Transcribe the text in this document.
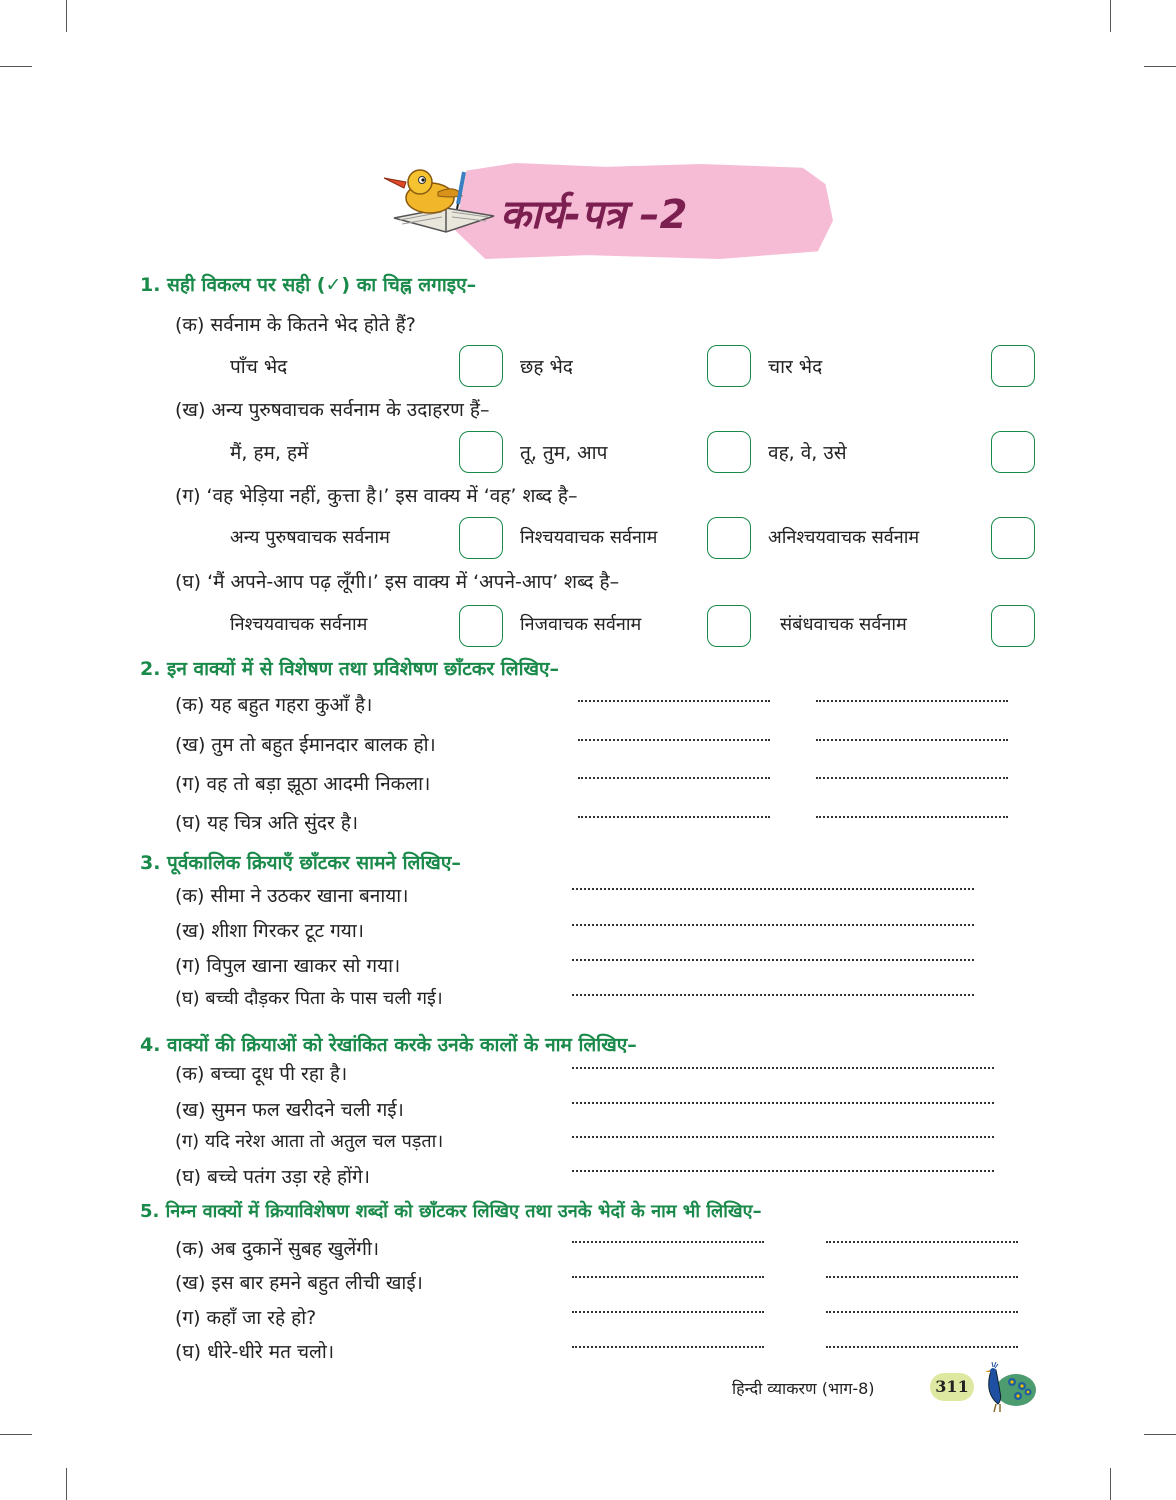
कार्य-पत्र –2
1. सही विकल्प पर सही (✓) का चिह्न लगाइए–
(क) सर्वनाम के कितने भेद होते हैं?
पाँच भेद	छह भेद	चार भेद
(ख) अन्य पुरुषवाचक सर्वनाम के उदाहरण हैं–
मैं, हम, हमें	तू, तुम, आप	वह, वे, उसे
(ग) ‘वह भेड़िया नहीं, कुत्ता है।’ इस वाक्य में ‘वह’ शब्द है–
अन्य पुरुषवाचक सर्वनाम	निश्चयवाचक सर्वनाम	अनिश्चयवाचक सर्वनाम
(घ) ‘मैं अपने-आप पढ़ लूँगी।’ इस वाक्य में ‘अपने-आप’ शब्द है–
निश्चयवाचक सर्वनाम	निजवाचक सर्वनाम	संबंधवाचक सर्वनाम
2. इन वाक्यों में से विशेषण तथा प्रविशेषण छाँटकर लिखिए–
(क) यह बहुत गहरा कुआँ है।
(ख) तुम तो बहुत ईमानदार बालक हो।
(ग) वह तो बड़ा झूठा आदमी निकला।
(घ) यह चित्र अति सुंदर है।
3. पूर्वकालिक क्रियाएँ छाँटकर सामने लिखिए–
(क) सीमा ने उठकर खाना बनाया।
(ख) शीशा गिरकर टूट गया।
(ग) विपुल खाना खाकर सो गया।
(घ) बच्ची दौड़कर पिता के पास चली गई।
4. वाक्यों की क्रियाओं को रेखांकित करके उनके कालों के नाम लिखिए–
(क) बच्चा दूध पी रहा है।
(ख) सुमन फल खरीदने चली गई।
(ग) यदि नरेश आता तो अतुल चल पड़ता।
(घ) बच्चे पतंग उड़ा रहे होंगे।
5. निम्न वाक्यों में क्रियाविशेषण शब्दों को छाँटकर लिखिए तथा उनके भेदों के नाम भी लिखिए–
(क) अब दुकानें सुबह खुलेंगी।
(ख) इस बार हमने बहुत लीची खाई।
(ग) कहाँ जा रहे हो?
(घ) धीरे-धीरे मत चलो।
हिन्दी व्याकरण (भाग-8)	311
